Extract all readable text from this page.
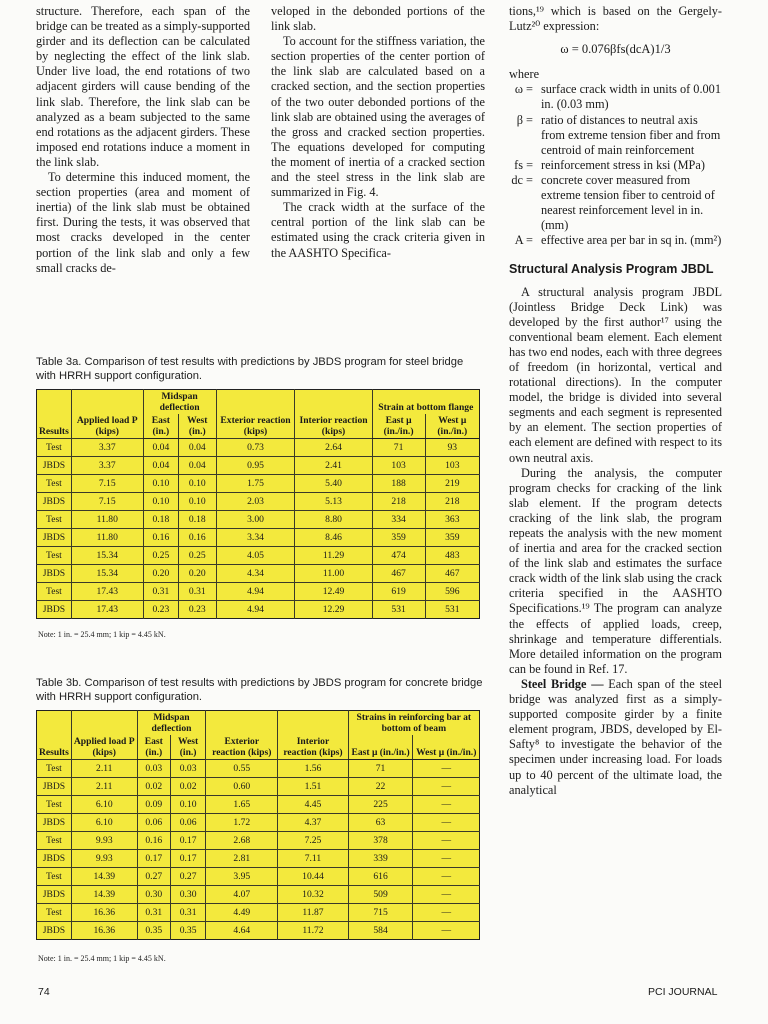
structure. Therefore, each span of the bridge can be treated as a simply-supported girder and its deflection can be calculated by neglecting the effect of the link slab. Under live load, the end rotations of two adjacent girders will cause bending of the link slab. Therefore, the link slab can be analyzed as a beam subjected to the same end rotations as the adjacent girders. These imposed end rotations induce a moment in the link slab.

To determine this induced moment, the section properties (area and moment of inertia) of the link slab must be obtained first. During the tests, it was observed that most cracks developed in the center portion of the link slab and only a few small cracks de-

veloped in the debonded portions of the link slab.

To account for the stiffness variation, the section properties of the center portion of the link slab are calculated based on a cracked section, and the section properties of the two outer debonded portions of the link slab are obtained using the averages of the gross and cracked section properties. The equations developed for computing the moment of inertia of a cracked section and the steel stress in the link slab are summarized in Fig. 4.

The crack width at the surface of the central portion of the link slab can be estimated using the crack criteria given in the AASHTO Specifica-

tions,¹⁹ which is based on the Gergely-Lutz²⁰ expression:

ω = 0.076βfs(dcA)1/3

where

ω = surface crack width in units of 0.001 in. (0.03 mm)
β = ratio of distances to neutral axis from extreme tension fiber and from centroid of main reinforcement
fs = reinforcement stress in ksi (MPa)
dc = concrete cover measured from extreme tension fiber to centroid of nearest reinforcement level in in. (mm)
A = effective area per bar in sq in. (mm²)
Structural Analysis Program JBDL

A structural analysis program JBDL (Jointless Bridge Deck Link) was developed by the first author¹⁷ using the conventional beam element. Each element has two end nodes, each with three degrees of freedom (in horizontal, vertical and rotational directions). In the computer model, the bridge is divided into several segments and each segment is represented by an element. The section properties of each element are defined with respect to its own neutral axis.

During the analysis, the computer program checks for cracking of the link slab element. If the program detects cracking of the link slab, the program repeats the analysis with the new moment of inertia and area for the cracked section of the link slab and estimates the surface crack width of the link slab using the crack criteria specified in the AASHTO Specifications.¹⁹ The program can analyze the effects of applied loads, creep, shrinkage and temperature differentials. More detailed information on the program can be found in Ref. 17.

Steel Bridge — Each span of the steel bridge was analyzed first as a simply-supported composite girder by a finite element program, JBDS, developed by El-Safty⁸ to investigate the behavior of the specimen under increasing load. For loads up to 40 percent of the ultimate load, the analytical

Table 3a. Comparison of test results with predictions by JBDS program for steel bridge with HRRH support configuration.
Results	Applied load P (kips)	Midspan deflection		Exterior reaction (kips)	Interior reaction (kips)	Strain at bottom flange	
		East (in.)	West (in.)			East μ (in./in.)	West μ (in./in.)
Test	3.37	0.04	0.04	0.73	2.64	71	93
JBDS	3.37	0.04	0.04	0.95	2.41	103	103
Test	7.15	0.10	0.10	1.75	5.40	188	219
JBDS	7.15	0.10	0.10	2.03	5.13	218	218
Test	11.80	0.18	0.18	3.00	8.80	334	363
JBDS	11.80	0.16	0.16	3.34	8.46	359	359
Test	15.34	0.25	0.25	4.05	11.29	474	483
JBDS	15.34	0.20	0.20	4.34	11.00	467	467
Test	17.43	0.31	0.31	4.94	12.49	619	596
JBDS	17.43	0.23	0.23	4.94	12.29	531	531
Note: 1 in. = 25.4 mm; 1 kip = 4.45 kN.
Table 3b. Comparison of test results with predictions by JBDS program for concrete bridge with HRRH support configuration.
Results	Applied load P (kips)	Midspan deflection		Exterior reaction (kips)	Interior reaction (kips)	Strains in reinforcing bar at bottom of beam	
		East (in.)	West (in.)			East μ (in./in.)	West μ (in./in.)
Test	2.11	0.03	0.03	0.55	1.56	71	—
JBDS	2.11	0.02	0.02	0.60	1.51	22	—
Test	6.10	0.09	0.10	1.65	4.45	225	—
JBDS	6.10	0.06	0.06	1.72	4.37	63	—
Test	9.93	0.16	0.17	2.68	7.25	378	—
JBDS	9.93	0.17	0.17	2.81	7.11	339	—
Test	14.39	0.27	0.27	3.95	10.44	616	—
JBDS	14.39	0.30	0.30	4.07	10.32	509	—
Test	16.36	0.31	0.31	4.49	11.87	715	—
JBDS	16.36	0.35	0.35	4.64	11.72	584	—
Note: 1 in. = 25.4 mm; 1 kip = 4.45 kN.
74	PCI JOURNAL
